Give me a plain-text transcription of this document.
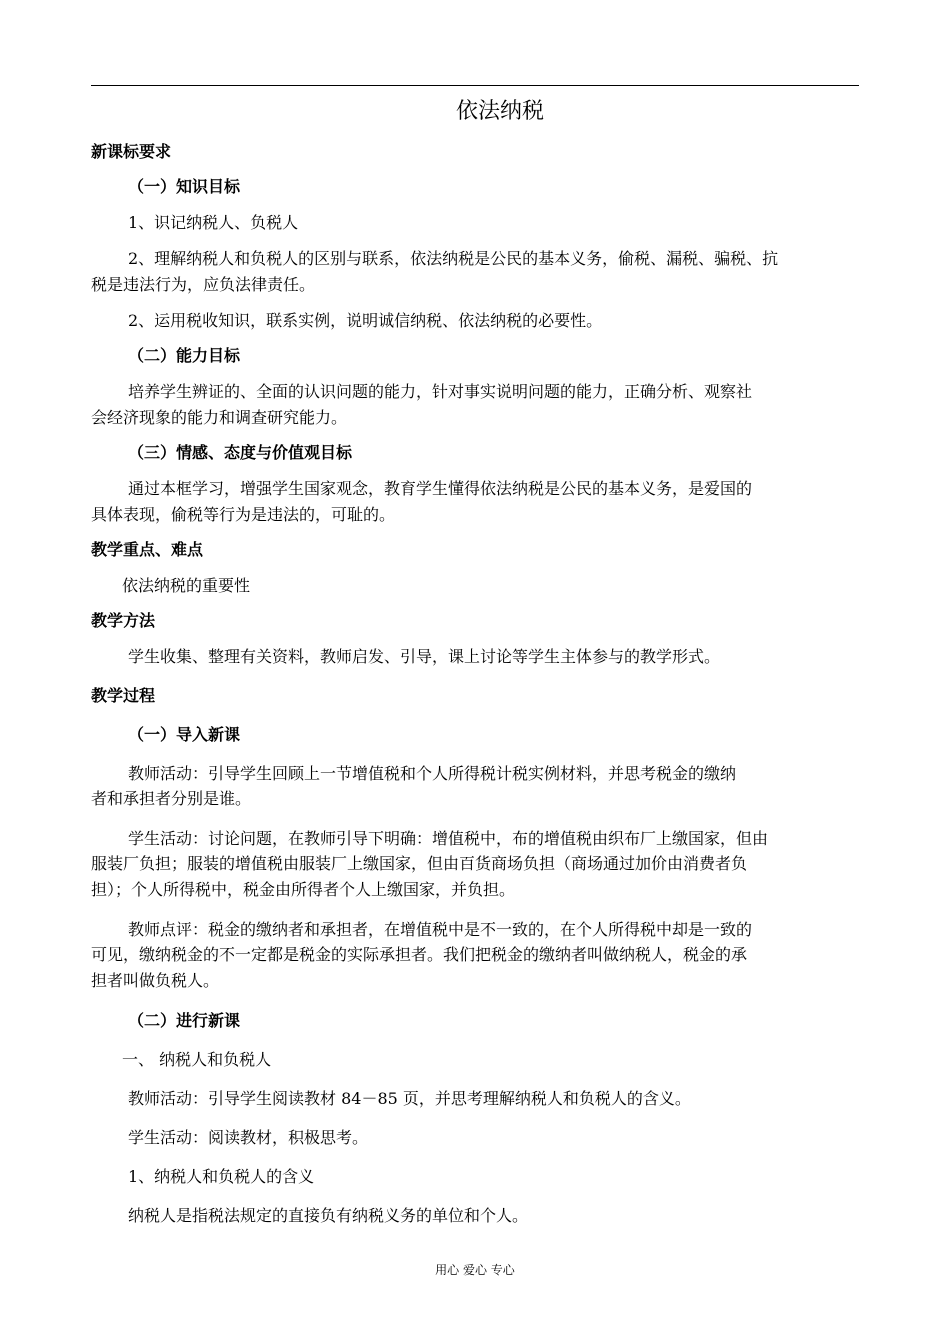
依法纳税
新课标要求
（一）知识目标
1、识记纳税人、负税人
2、理解纳税人和负税人的区别与联系，依法纳税是公民的基本义务，偷税、漏税、骗税、抗
税是违法行为，应负法律责任。
2、运用税收知识，联系实例，说明诚信纳税、依法纳税的必要性。
（二）能力目标
培养学生辨证的、全面的认识问题的能力，针对事实说明问题的能力，正确分析、观察社
会经济现象的能力和调查研究能力。
（三）情感、态度与价值观目标
通过本框学习，增强学生国家观念，教育学生懂得依法纳税是公民的基本义务，是爱国的
具体表现，偷税等行为是违法的，可耻的。
教学重点、难点
依法纳税的重要性
教学方法
学生收集、整理有关资料，教师启发、引导，课上讨论等学生主体参与的教学形式。
教学过程
（一）导入新课
教师活动：引导学生回顾上一节增值税和个人所得税计税实例材料，并思考税金的缴纳
者和承担者分别是谁。
学生活动：讨论问题，在教师引导下明确：增值税中，布的增值税由织布厂上缴国家，但由
服装厂负担；服装的增值税由服装厂上缴国家，但由百货商场负担（商场通过加价由消费者负
担）；个人所得税中，税金由所得者个人上缴国家，并负担。
教师点评：税金的缴纳者和承担者，在增值税中是不一致的，在个人所得税中却是一致的
可见，缴纳税金的不一定都是税金的实际承担者。我们把税金的缴纳者叫做纳税人，税金的承
担者叫做负税人。
（二）进行新课
一、 纳税人和负税人
教师活动：引导学生阅读教材 84－85 页，并思考理解纳税人和负税人的含义。
学生活动：阅读教材，积极思考。
1、纳税人和负税人的含义
纳税人是指税法规定的直接负有纳税义务的单位和个人。
用心 爱心 专心
